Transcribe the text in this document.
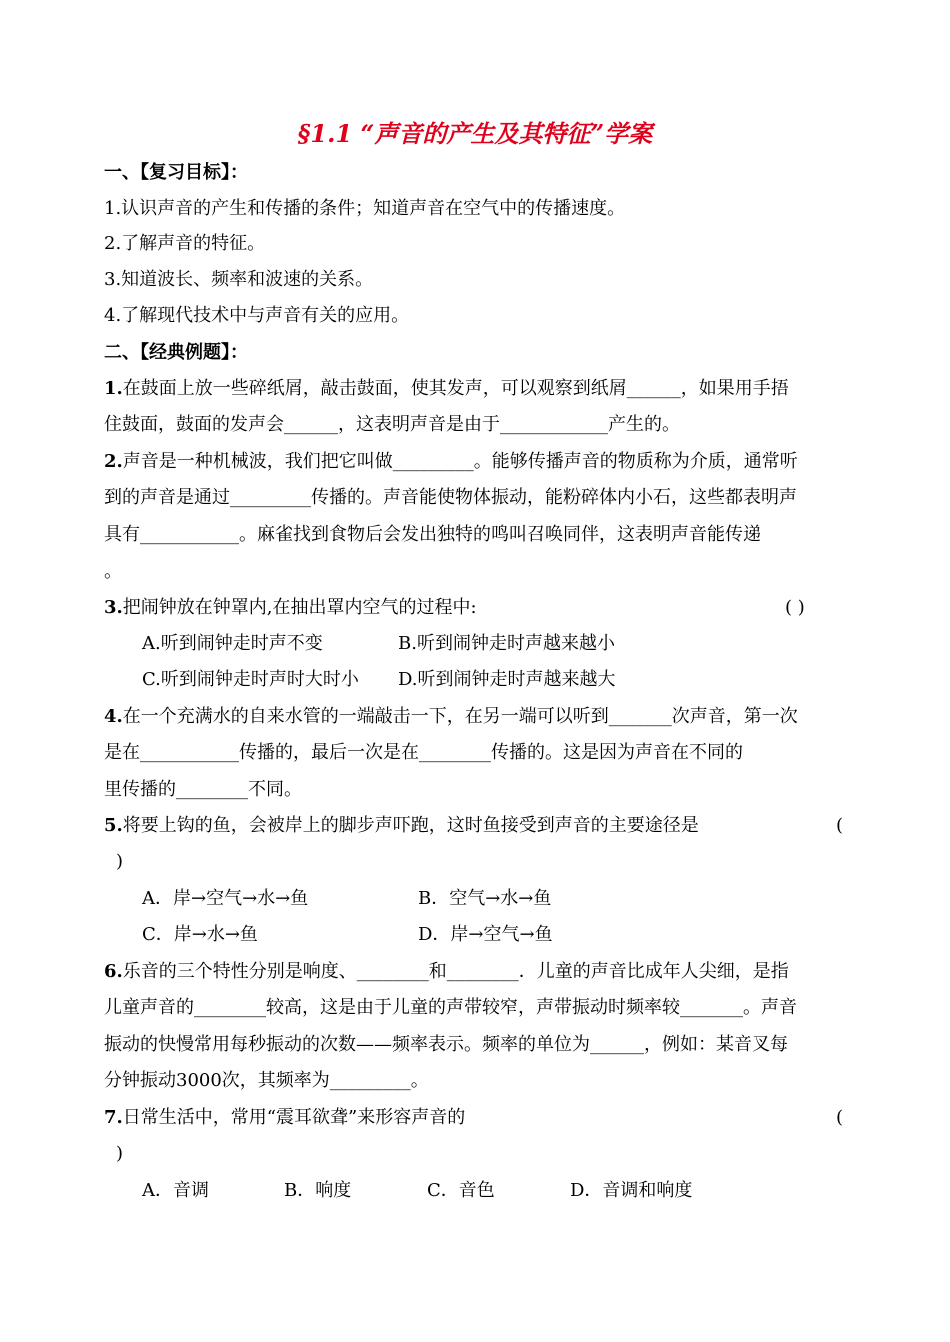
§1.1 “声音的产生及其特征”学案
一、【复习目标】：
1.认识声音的产生和传播的条件；知道声音在空气中的传播速度。
2.了解声音的特征。
3.知道波长、频率和波速的关系。
4.了解现代技术中与声音有关的应用。
二、【经典例题】：
1.在鼓面上放一些碎纸屑，敲击鼓面，使其发声，可以观察到纸屑______，如果用手捂
住鼓面，鼓面的发声会______，这表明声音是由于____________产生的。
2.声音是一种机械波，我们把它叫做_________。能够传播声音的物质称为介质，通常听
到的声音是通过_________传播的。声音能使物体振动，能粉碎体内小石，这些都表明声
具有___________。麻雀找到食物后会发出独特的鸣叫召唤同伴，这表明声音能传递
。
3.把闹钟放在钟罩内,在抽出罩内空气的过程中:	( )
A.听到闹钟走时声不变	B.听到闹钟走时声越来越小
C.听到闹钟走时声时大时小 D.听到闹钟走时声越来越大
4.在一个充满水的自来水管的一端敲击一下，在另一端可以听到_______次声音，第一次
是在___________传播的，最后一次是在________传播的。这是因为声音在不同的
里传播的________不同。
5.将要上钩的鱼，会被岸上的脚步声吓跑，这时鱼接受到声音的主要途径是	(
)
A．岸→空气→水→鱼	B．空气→水→鱼
C．岸→水→鱼	D．岸→空气→鱼
6.乐音的三个特性分别是响度、________和________．儿童的声音比成年人尖细，是指
儿童声音的________较高，这是由于儿童的声带较窄，声带振动时频率较_______。声音
振动的快慢常用每秒振动的次数——频率表示。频率的单位为______，例如：某音叉每
分钟振动3000次，其频率为_________。
7.日常生活中，常用“震耳欲聋”来形容声音的	(
)
A．音调	B．响度	C．音色	D．音调和响度
